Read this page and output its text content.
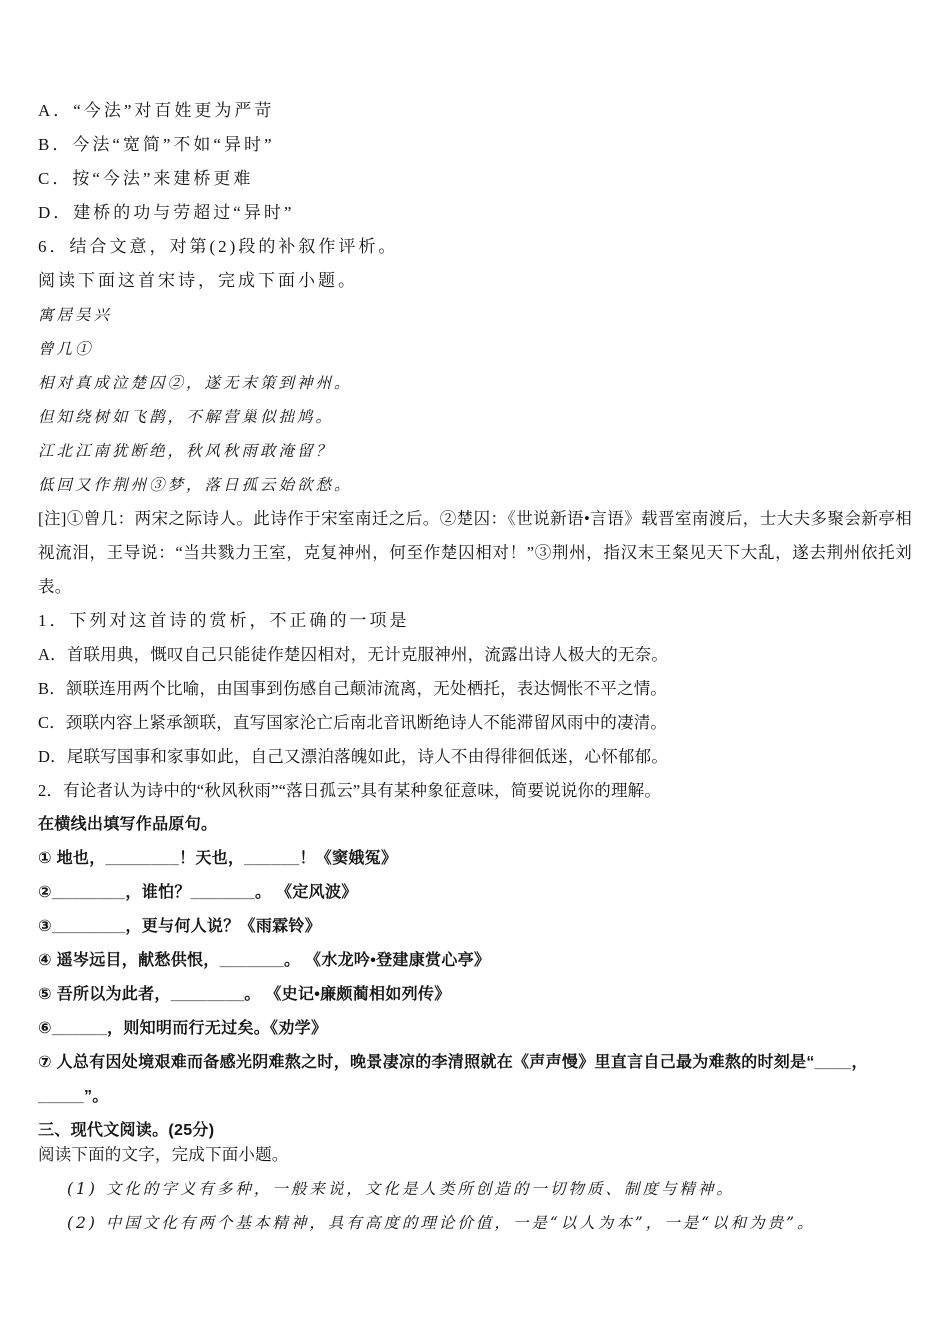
A．“今法”对百姓更为严苛

B．今法“宽简”不如“异时”

C．按“今法”来建桥更难

D．建桥的功与劳超过“异时”

6．结合文意，对第(2)段的补叙作评析。

阅读下面这首宋诗，完成下面小题。

寓居吴兴

曾几①

相对真成泣楚囚②，遂无末策到神州。

但知绕树如飞鹊，不解营巢似拙鸠。

江北江南犹断绝，秋风秋雨敢淹留？

低回又作荆州③梦，落日孤云始欲愁。

[注]①曾几：两宋之际诗人。此诗作于宋室南迁之后。②楚囚：《世说新语•言语》载晋室南渡后，士大夫多聚会新亭相视流泪，王导说：“当共戮力王室，克复神州，何至作楚囚相对！”③荆州，指汉末王粲见天下大乱，遂去荆州依托刘表。

1．下列对这首诗的赏析，不正确的一项是

A．首联用典，慨叹自己只能徒作楚囚相对，无计克服神州，流露出诗人极大的无奈。

B．颔联连用两个比喻，由国事到伤感自己颠沛流离，无处栖托，表达惆怅不平之情。

C．颈联内容上紧承颔联，直写国家沦亡后南北音讯断绝诗人不能滞留风雨中的凄清。

D．尾联写国事和家事如此，自己又漂泊落魄如此，诗人不由得徘徊低迷，心怀郁郁。

2．有论者认为诗中的“秋风秋雨”“落日孤云”具有某种象征意味，简要说说你的理解。

在横线出填写作品原句。

① 地也，________！天也，______！《窦娥冤》

②________，谁怕？_______。 《定风波》

③________，更与何人说？《雨霖铃》

④ 遥岑远目，献愁供恨，_______。 《水龙吟•登建康赏心亭》

⑤ 吾所以为此者，________。 《史记•廉颇蔺相如列传》

⑥______，则知明而行无过矣。《劝学》

⑦ 人总有因处境艰难而备感光阴难熬之时，晚景凄凉的李清照就在《声声慢》里直言自己最为难熬的时刻是“____，

_____”。

三、现代文阅读。(25分)

阅读下面的文字，完成下面小题。

(1) 文化的字义有多种，一般来说，文化是人类所创造的一切物质、制度与精神。

(2) 中国文化有两个基本精神，具有高度的理论价值，一是“以人为本”，一是“以和为贵”。
